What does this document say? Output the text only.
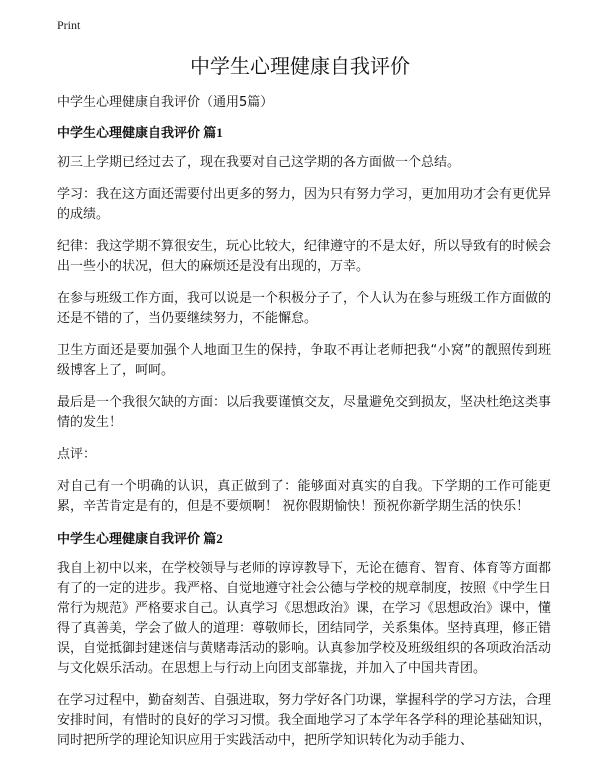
Print
中学生心理健康自我评价

中学生心理健康自我评价（通用5篇）

中学生心理健康自我评价 篇1

初三上学期已经过去了，现在我要对自己这学期的各方面做一个总结。

学习：我在这方面还需要付出更多的努力，因为只有努力学习，更加用功才会有更优异的成绩。

纪律：我这学期不算很安生，玩心比较大，纪律遵守的不是太好，所以导致有的时候会出一些小的状况，但大的麻烦还是没有出现的，万幸。

在参与班级工作方面，我可以说是一个积极分子了，个人认为在参与班级工作方面做的还是不错的了，当仍要继续努力，不能懈怠。

卫生方面还是要加强个人地面卫生的保持，争取不再让老师把我“小窝”的靓照传到班级博客上了，呵呵。

最后是一个我很欠缺的方面：以后我要谨慎交友，尽量避免交到损友，坚决杜绝这类事情的发生！

点评：

对自己有一个明确的认识，真正做到了：能够面对真实的自我。下学期的工作可能更累，辛苦肯定是有的，但是不要烦啊！ 祝你假期愉快！预祝你新学期生活的快乐！

中学生心理健康自我评价 篇2

我自上初中以来，在学校领导与老师的谆谆教导下，无论在德育、智育、体育等方面都有了的一定的进步。我严格、自觉地遵守社会公德与学校的规章制度，按照《中学生日常行为规范》严格要求自己。认真学习《思想政治》课，在学习《思想政治》课中，懂得了真善美，学会了做人的道理：尊敬师长，团结同学，关系集体。坚持真理，修正错误，自觉抵御封建迷信与黄赌毒活动的影响。认真参加学校及班级组织的各项政治活动与文化娱乐活动。在思想上与行动上向团支部靠拢，并加入了中国共青团。

在学习过程中，勤奋刻苦、自强进取，努力学好各门功课，掌握科学的学习方法，合理安排时间，有惜时的良好的学习习惯。我全面地学习了本学年各学科的理论基础知识，同时把所学的理论知识应用于实践活动中，把所学知识转化为动手能力、
